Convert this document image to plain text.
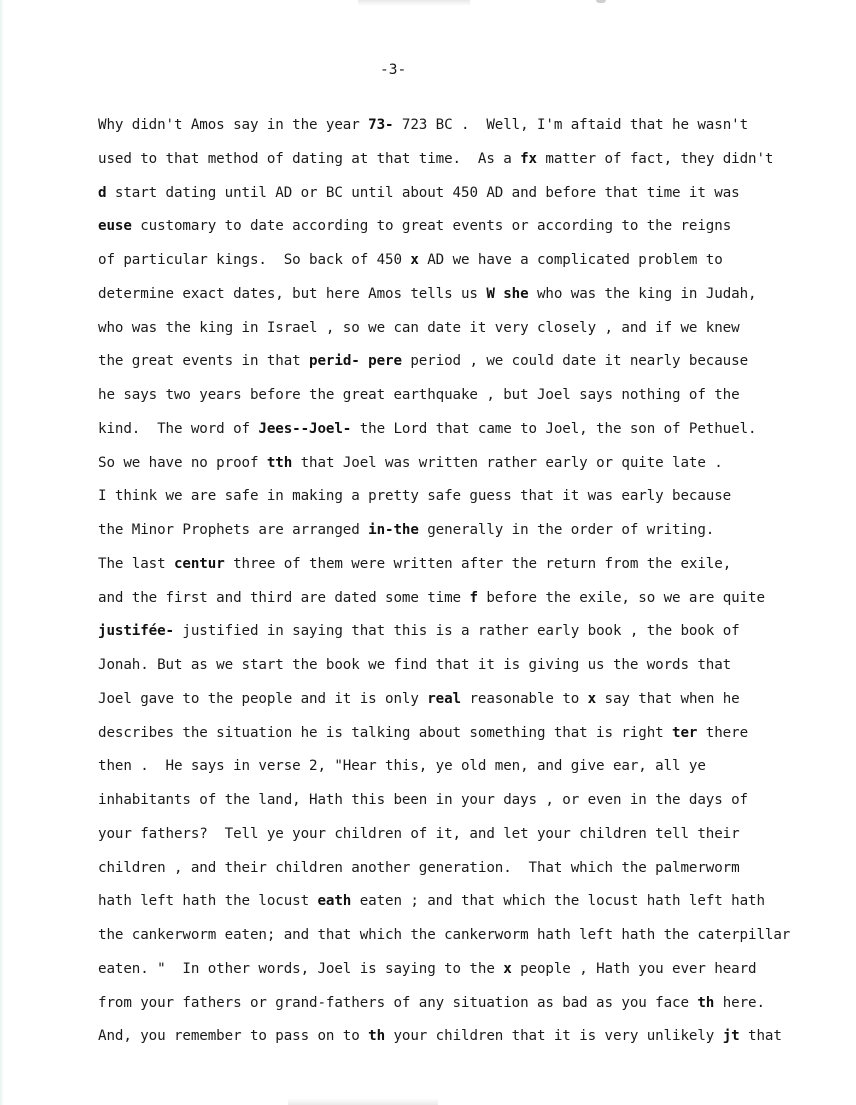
-3-
Why didn't Amos say in the year 73- 723 BC .  Well, I'm aftaid that he wasn't
used to that method of dating at that time.  As a fx matter of fact, they didn't
d start dating until AD or BC until about 450 AD and before that time it was
euse customary to date according to great events or according to the reigns
of particular kings.  So back of 450 x AD we have a complicated problem to
determine exact dates, but here Amos tells us W she who was the king in Judah,
who was the king in Israel , so we can date it very closely , and if we knew
the great events in that perid- pere period , we could date it nearly because
he says two years before the great earthquake , but Joel says nothing of the
kind.  The word of Jees--Joel- the Lord that came to Joel, the son of Pethuel.
So we have no proof tth that Joel was written rather early or quite late .
I think we are safe in making a pretty safe guess that it was early because
the Minor Prophets are arranged in-the generally in the order of writing.
The last centur three of them were written after the return from the exile,
and the first and third are dated some time f before the exile, so we are quite
justifée- justified in saying that this is a rather early book , the book of
Jonah. But as we start the book we find that it is giving us the words that
Joel gave to the people and it is only real reasonable to x say that when he
describes the situation he is talking about something that is right ter there
then .  He says in verse 2, "Hear this, ye old men, and give ear, all ye
inhabitants of the land, Hath this been in your days , or even in the days of
your fathers?  Tell ye your children of it, and let your children tell their
children , and their children another generation.  That which the palmerworm
hath left hath the locust eath eaten ; and that which the locust hath left hath
the cankerworm eaten; and that which the cankerworm hath left hath the caterpillar
eaten. "  In other words, Joel is saying to the x people , Hath you ever heard
from your fathers or grand-fathers of any situation as bad as you face th here.
And, you remember to pass on to th your children that it is very unlikely jt that
